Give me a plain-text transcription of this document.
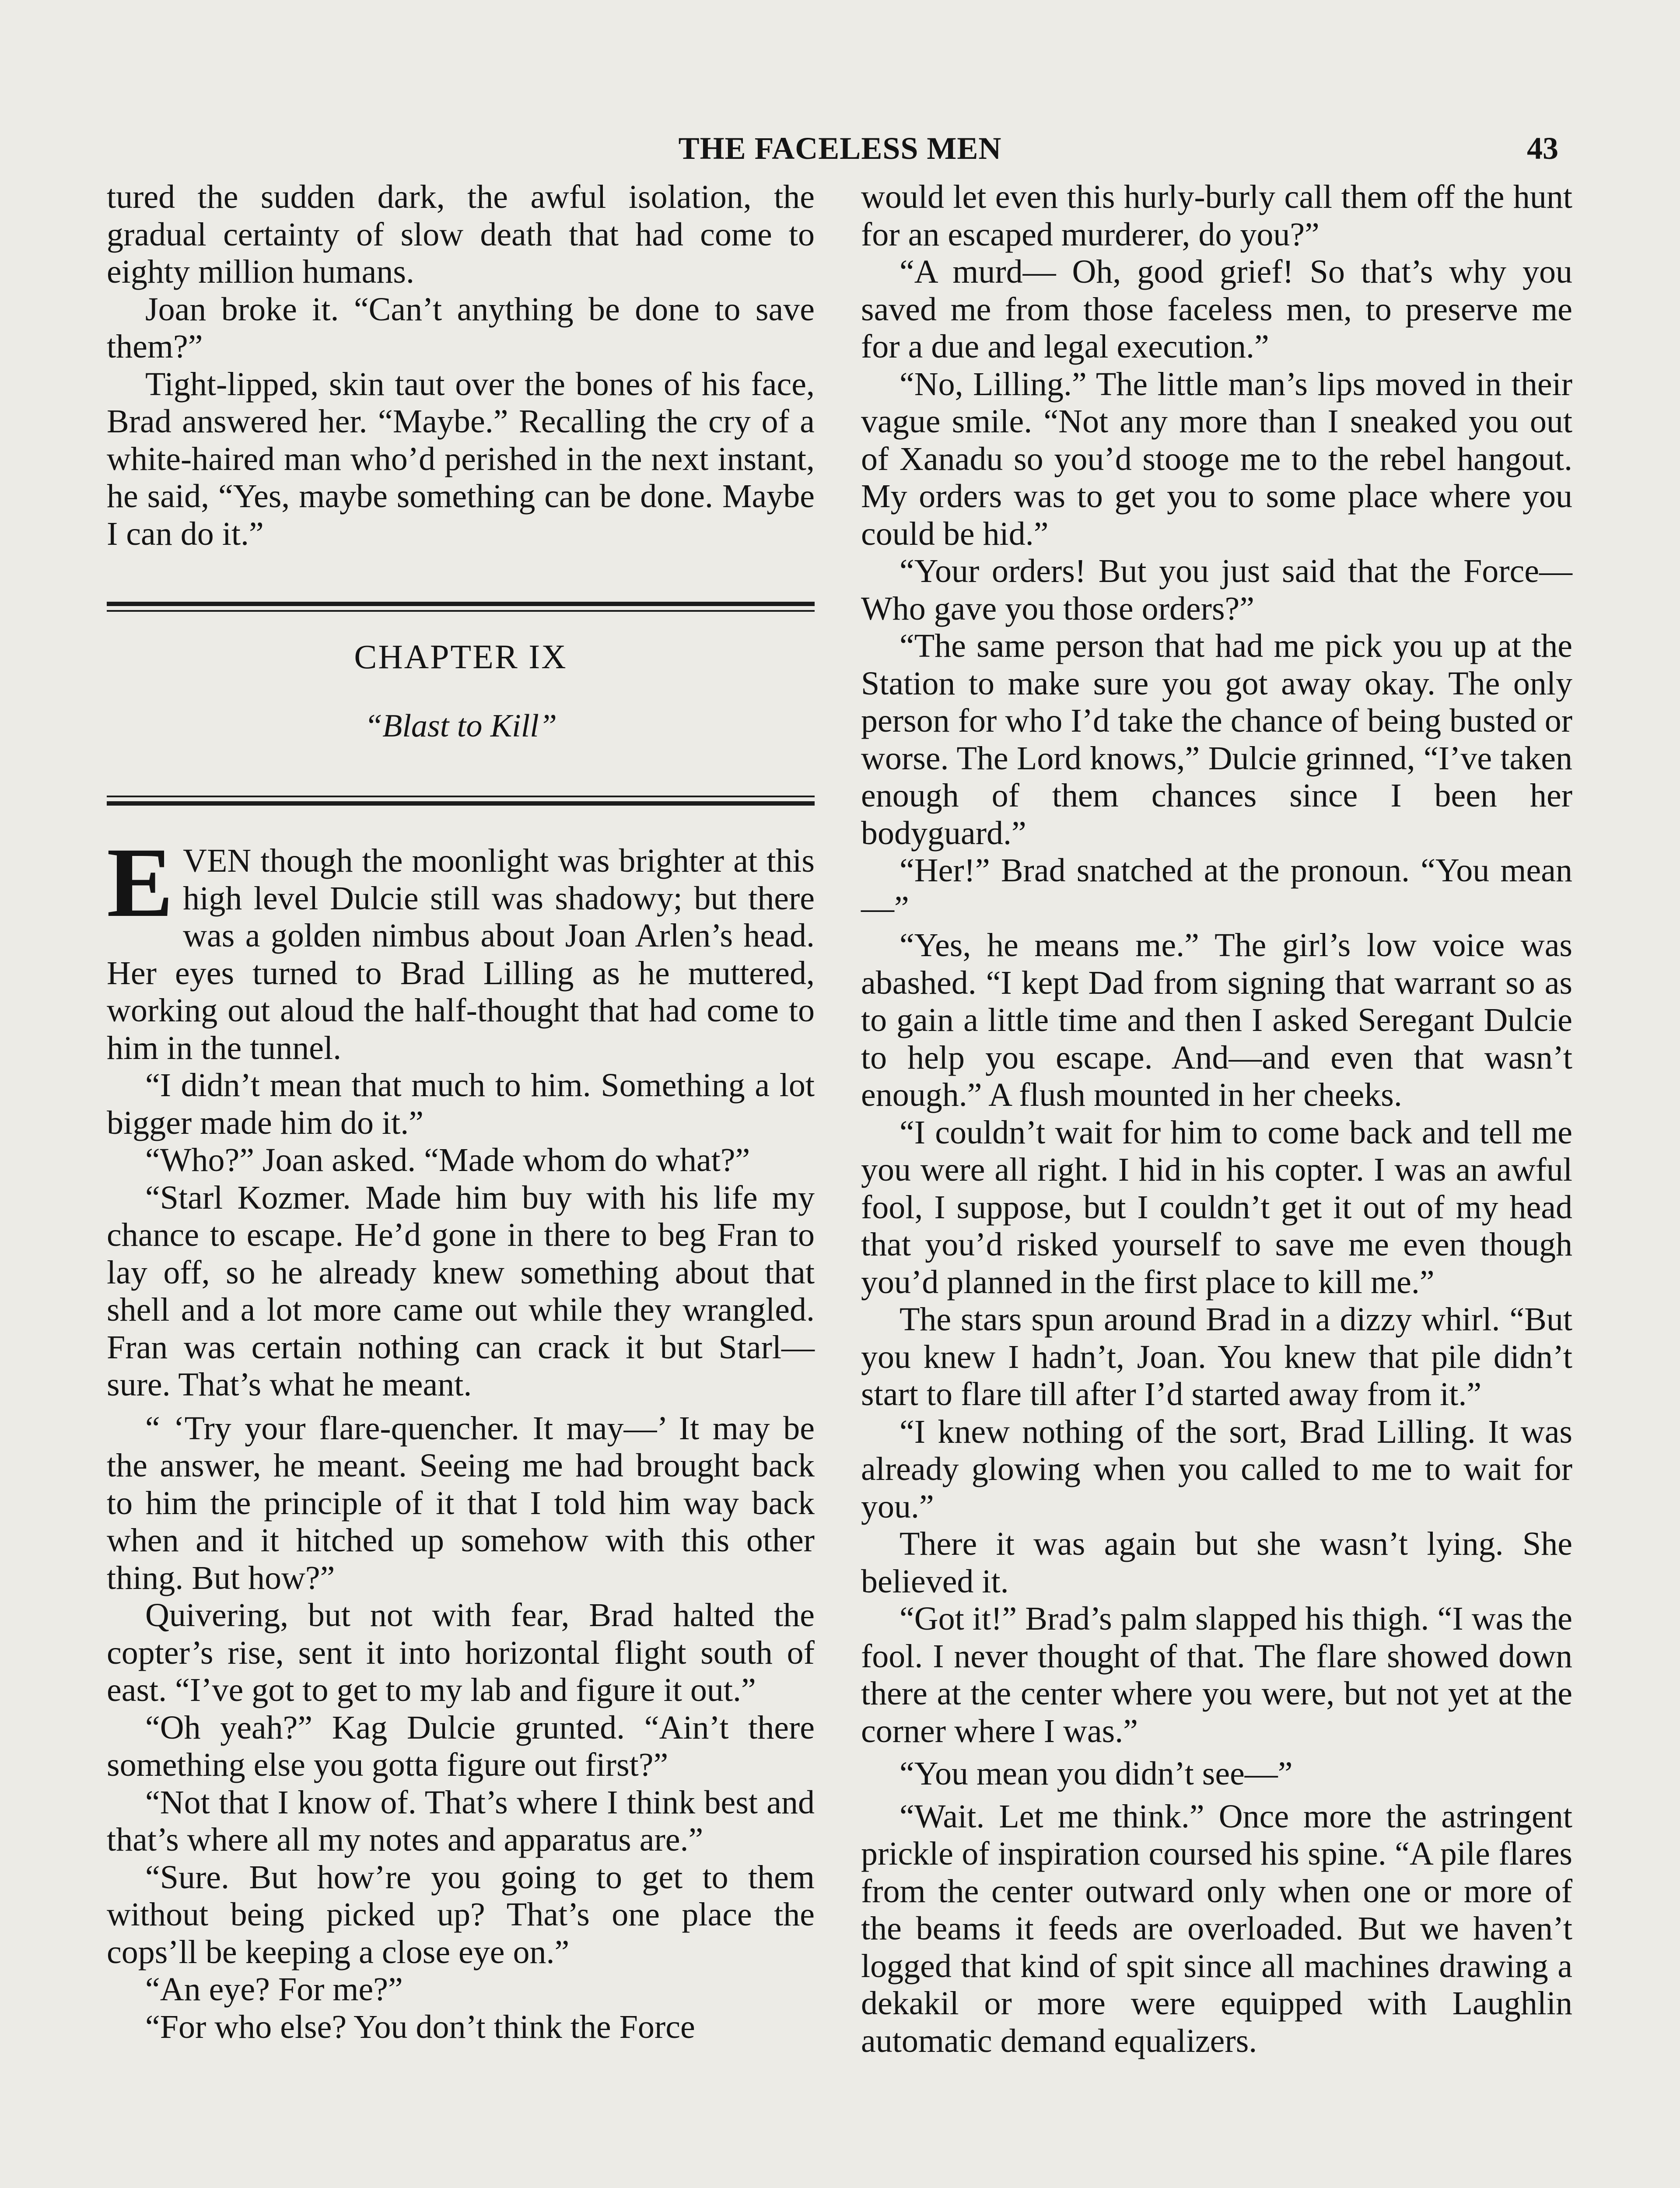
THE FACELESS MEN	43

tured the sudden dark, the awful isolation, the gradual certainty of slow death that had come to eighty million humans.

Joan broke it. “Can’t anything be done to save them?”

Tight-lipped, skin taut over the bones of his face, Brad answered her. “Maybe.” Recalling the cry of a white-haired man who’d perished in the next instant, he said, “Yes, maybe something can be done. Maybe I can do it.”

CHAPTER IX
“Blast to Kill”

EVEN though the moonlight was brighter at this high level Dulcie still was shadowy; but there was a golden nimbus about Joan Arlen’s head. Her eyes turned to Brad Lilling as he muttered, working out aloud the half-thought that had come to him in the tunnel.

“I didn’t mean that much to him. Something a lot bigger made him do it.”

“Who?” Joan asked. “Made whom do what?”

“Starl Kozmer. Made him buy with his life my chance to escape. He’d gone in there to beg Fran to lay off, so he already knew something about that shell and a lot more came out while they wrangled. Fran was certain nothing can crack it but Starl—sure. That’s what he meant.

“ ‘Try your flare-quencher. It may—’ It may be the answer, he meant. Seeing me had brought back to him the principle of it that I told him way back when and it hitched up somehow with this other thing. But how?”

Quivering, but not with fear, Brad halted the copter’s rise, sent it into horizontal flight south of east. “I’ve got to get to my lab and figure it out.”

“Oh yeah?” Kag Dulcie grunted. “Ain’t there something else you gotta figure out first?”

“Not that I know of. That’s where I think best and that’s where all my notes and apparatus are.”

“Sure. But how’re you going to get to them without being picked up? That’s one place the cops’ll be keeping a close eye on.”

“An eye? For me?”

“For who else? You don’t think the Force

would let even this hurly-burly call them off the hunt for an escaped murderer, do you?”

“A murd— Oh, good grief! So that’s why you saved me from those faceless men, to preserve me for a due and legal execution.”

“No, Lilling.” The little man’s lips moved in their vague smile. “Not any more than I sneaked you out of Xanadu so you’d stooge me to the rebel hangout. My orders was to get you to some place where you could be hid.”

“Your orders! But you just said that the Force— Who gave you those orders?”

“The same person that had me pick you up at the Station to make sure you got away okay. The only person for who I’d take the chance of being busted or worse. The Lord knows,” Dulcie grinned, “I’ve taken enough of them chances since I been her bodyguard.”

“Her!” Brad snatched at the pronoun. “You mean—”

“Yes, he means me.” The girl’s low voice was abashed. “I kept Dad from signing that warrant so as to gain a little time and then I asked Seregant Dulcie to help you escape. And—and even that wasn’t enough.” A flush mounted in her cheeks.

“I couldn’t wait for him to come back and tell me you were all right. I hid in his copter. I was an awful fool, I suppose, but I couldn’t get it out of my head that you’d risked yourself to save me even though you’d planned in the first place to kill me.”

The stars spun around Brad in a dizzy whirl. “But you knew I hadn’t, Joan. You knew that pile didn’t start to flare till after I’d started away from it.”

“I knew nothing of the sort, Brad Lilling. It was already glowing when you called to me to wait for you.”

There it was again but she wasn’t lying. She believed it.

“Got it!” Brad’s palm slapped his thigh. “I was the fool. I never thought of that. The flare showed down there at the center where you were, but not yet at the corner where I was.”

“You mean you didn’t see—”

“Wait. Let me think.” Once more the astringent prickle of inspiration coursed his spine. “A pile flares from the center outward only when one or more of the beams it feeds are overloaded. But we haven’t logged that kind of spit since all machines drawing a dekakil or more were equipped with Laughlin automatic demand equalizers.
